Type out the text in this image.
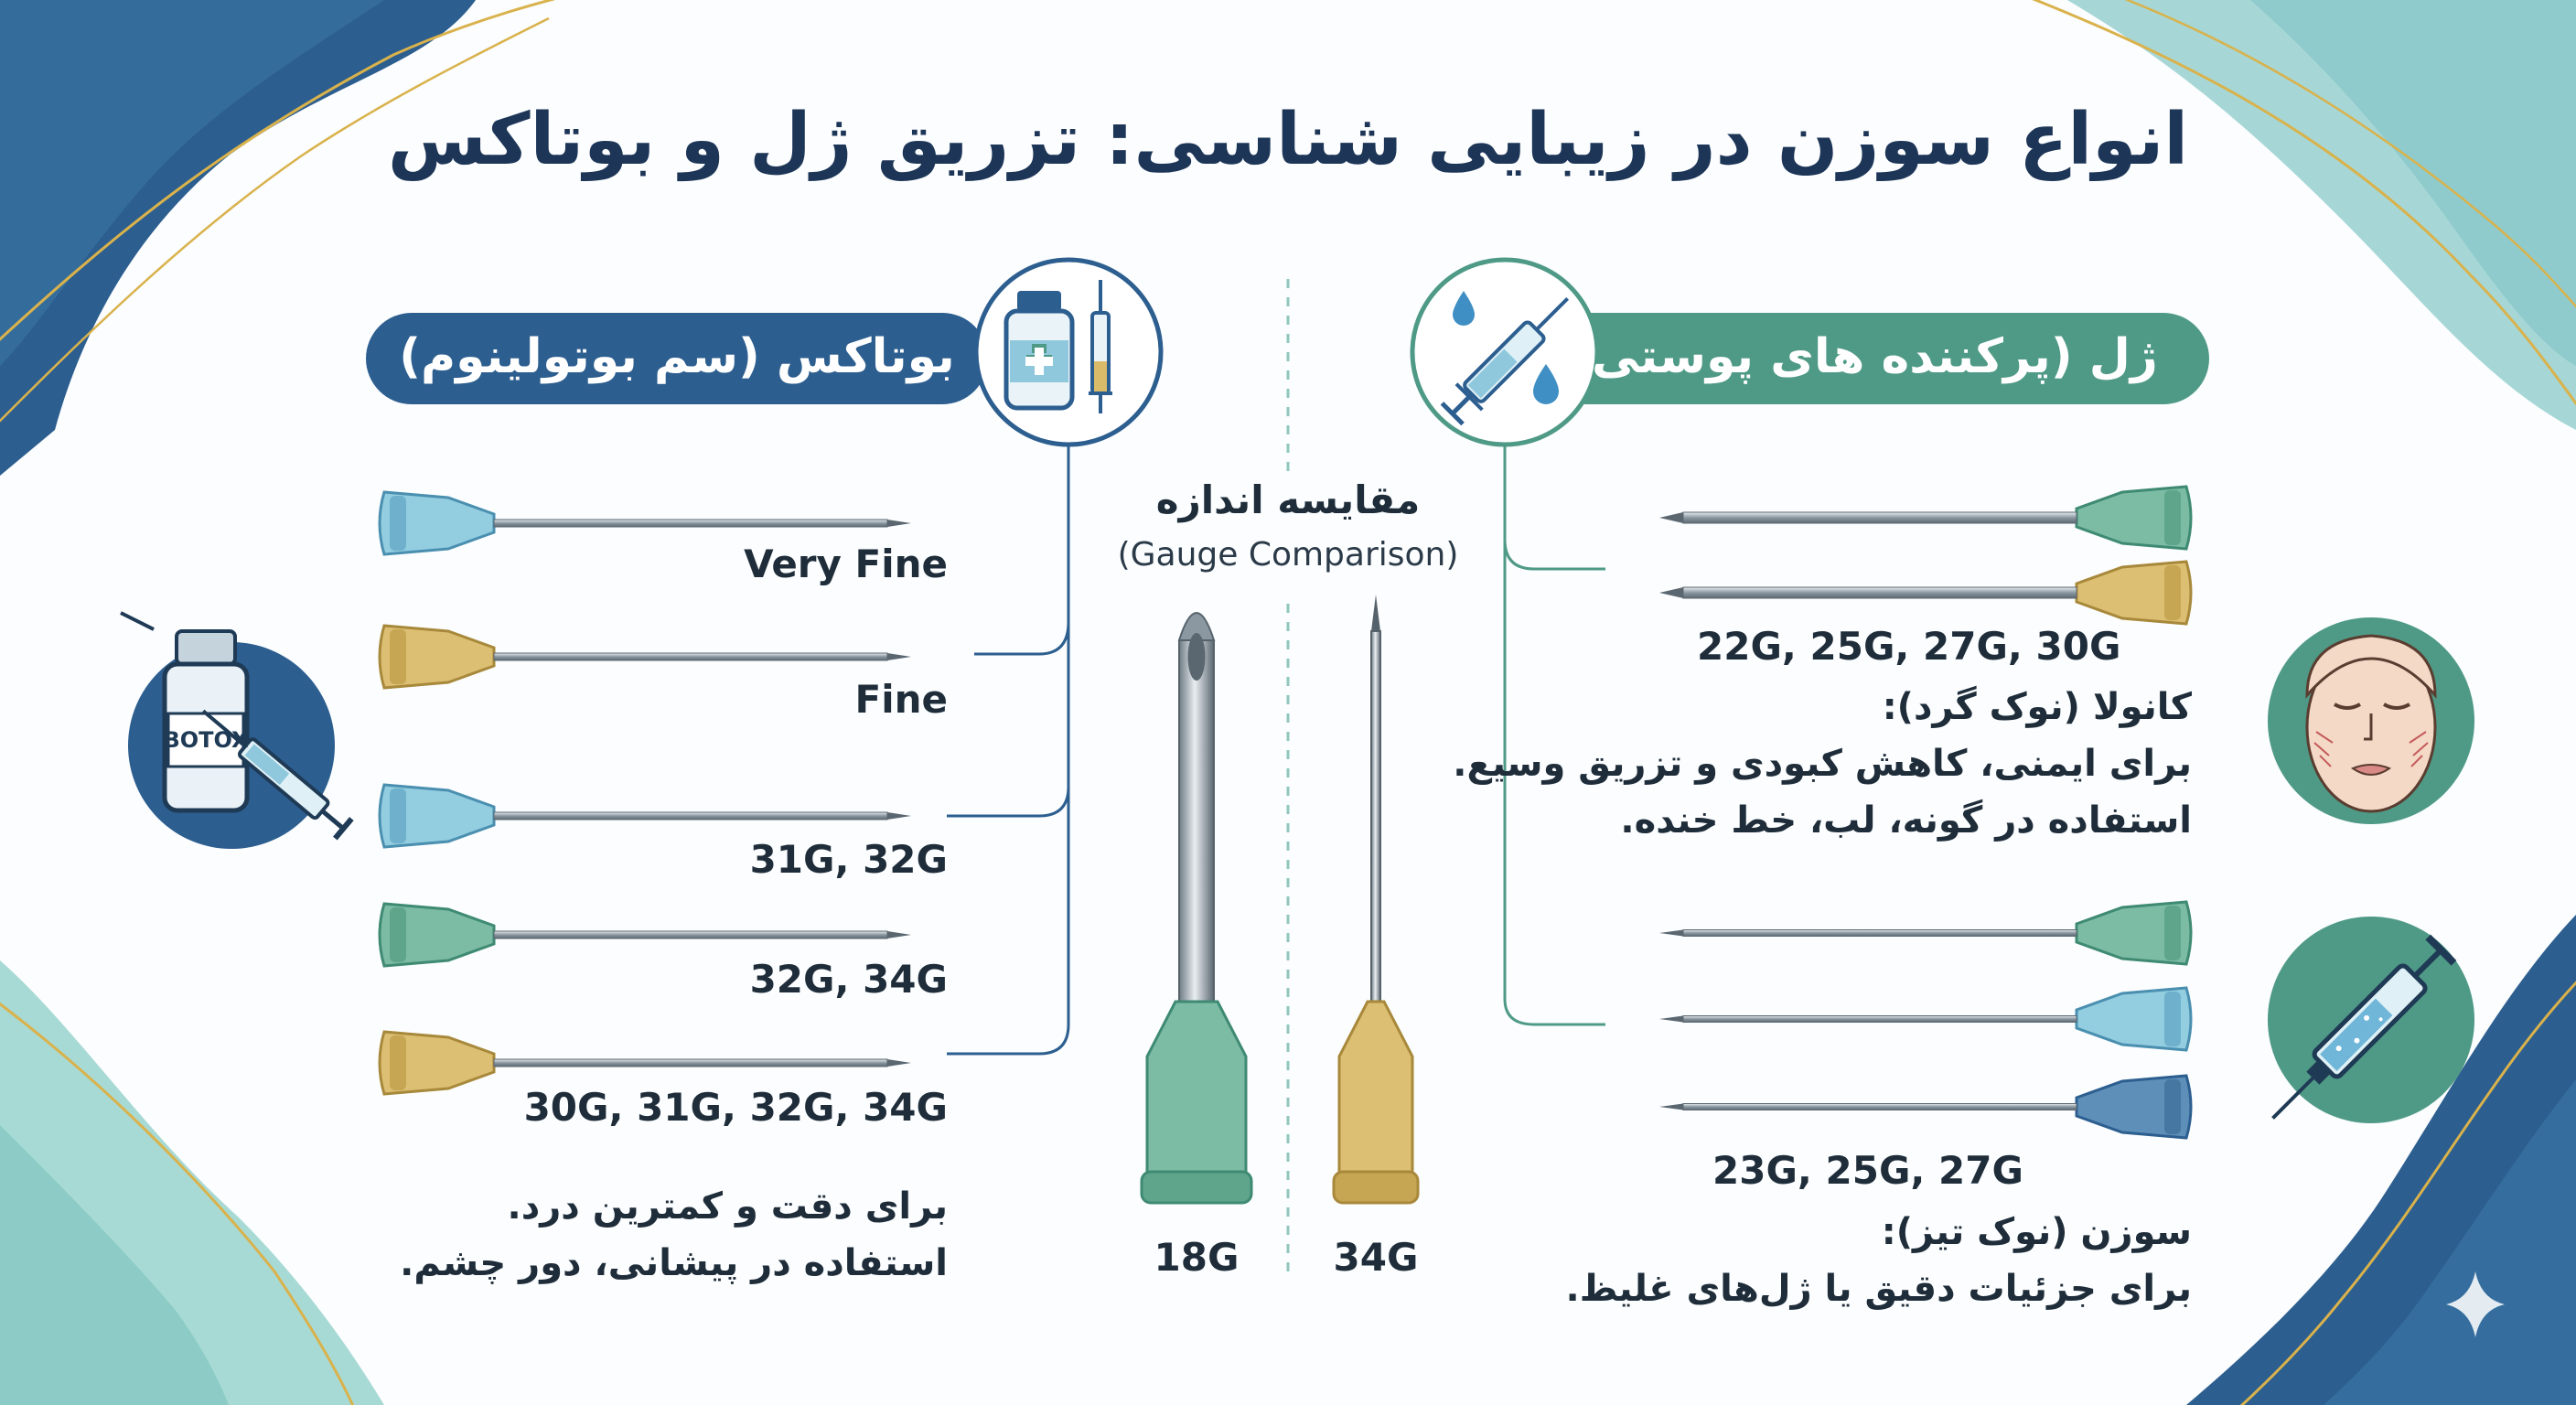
انواع سوزن در زیبایی شناسی: تزریق ژل و بوتاکس
بوتاکس (سم بوتولینوم)	ژل (پرکننده های پوستی)
Very Fine
Fine
31G, 32G
32G, 34G
30G, 31G, 32G, 34G
برای دقت و کمترین درد.
استفاده در پیشانی، دور چشم.
مقایسه اندازه
(Gauge Comparison)
18G	34G
22G, 25G, 27G, 30G
کانولا (نوک گرد):
برای ایمنی، کاهش کبودی و تزریق وسیع.
استفاده در گونه، لب، خط خنده.
23G, 25G, 27G
سوزن (نوک تیز):
برای جزئیات دقیق یا ژل‌های غلیظ.
BOTOX
